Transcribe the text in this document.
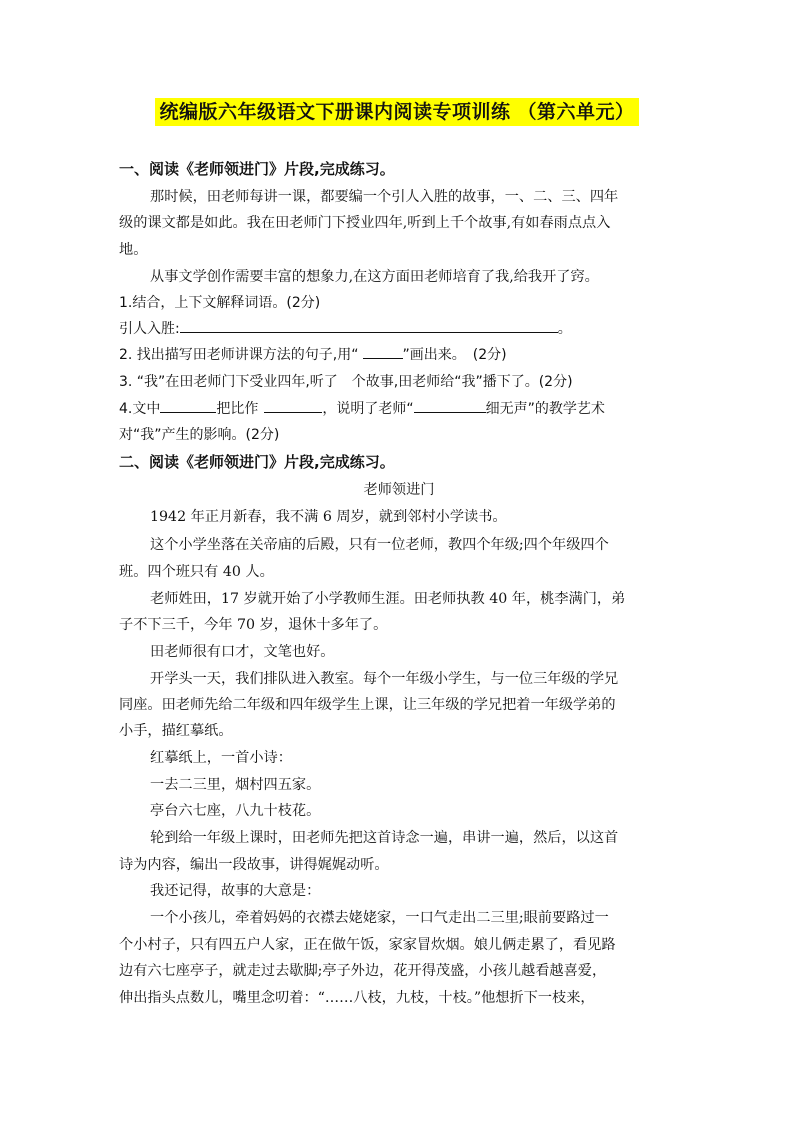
统编版六年级语文下册课内阅读专项训练 （第六单元）
一、阅读《老师领进门》片段,完成练习。
那时候，田老师每讲一课，都要编一个引人入胜的故事，一、二、三、四年
级的课文都是如此。我在田老师门下授业四年,听到上千个故事,有如春雨点点入
地。
从事文学创作需要丰富的想象力,在这方面田老师培育了我,给我开了窍。
1.结合，上下文解释词语。(2分)
引人入胜:	。
2. 找出描写田老师讲课方法的句子,用“	”画出来。　(2分)
3. “我”在田老师门下受业四年,听了　个故事,田老师给“我”播下了。(2分)
4.文中	把比作	，说明了老师“	细无声”的教学艺术
对“我”产生的影响。(2分)
二、阅读《老师领进门》片段,完成练习。
老师领进门
1942 年正月新春，我不满 6 周岁，就到邻村小学读书。
这个小学坐落在关帝庙的后殿，只有一位老师，教四个年级;四个年级四个
班。四个班只有 40 人。
老师姓田，17 岁就开始了小学教师生涯。田老师执教 40 年，桃李满门，弟
子不下三千，今年 70 岁，退休十多年了。
田老师很有口才，文笔也好。
开学头一天，我们排队进入教室。每个一年级小学生，与一位三年级的学兄
同座。田老师先给二年级和四年级学生上课，让三年级的学兄把着一年级学弟的
小手，描红摹纸。
红摹纸上，一首小诗：
一去二三里，烟村四五家。
亭台六七座，八九十枝花。
轮到给一年级上课时，田老师先把这首诗念一遍，串讲一遍，然后，以这首
诗为内容，编出一段故事，讲得娓娓动听。
我还记得，故事的大意是：
一个小孩儿，牵着妈妈的衣襟去姥姥家，一口气走出二三里;眼前要路过一
个小村子，只有四五户人家，正在做午饭，家家冒炊烟。娘儿俩走累了，看见路
边有六七座亭子，就走过去歇脚;亭子外边，花开得茂盛，小孩儿越看越喜爱，
伸出指头点数儿，嘴里念叨着：“……八枝，九枝，十枝。”他想折下一枝来，
